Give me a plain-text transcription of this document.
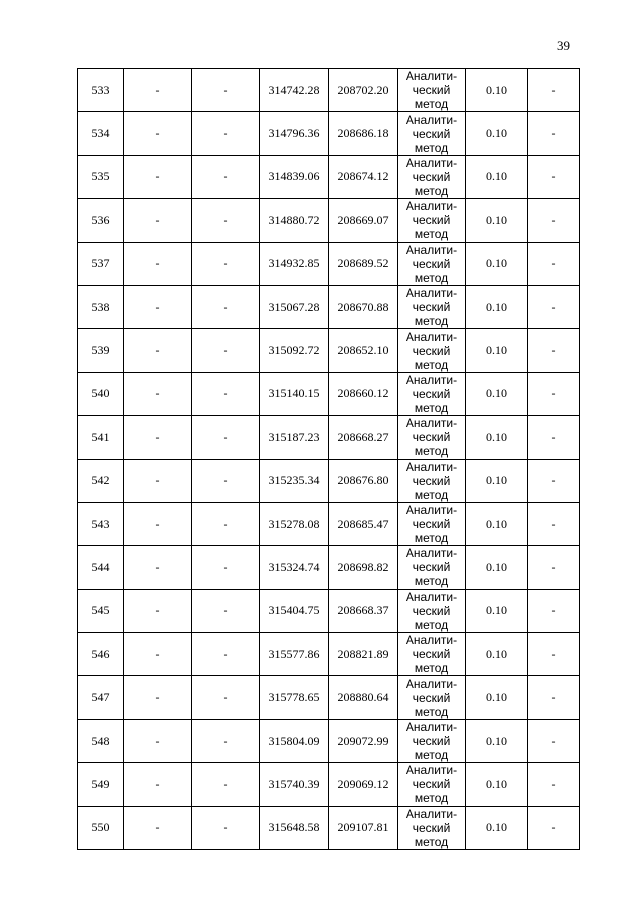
39
533	-	-	314742.28	208702.20	Аналити-
ческий
метод	0.10	-
534	-	-	314796.36	208686.18	Аналити-
ческий
метод	0.10	-
535	-	-	314839.06	208674.12	Аналити-
ческий
метод	0.10	-
536	-	-	314880.72	208669.07	Аналити-
ческий
метод	0.10	-
537	-	-	314932.85	208689.52	Аналити-
ческий
метод	0.10	-
538	-	-	315067.28	208670.88	Аналити-
ческий
метод	0.10	-
539	-	-	315092.72	208652.10	Аналити-
ческий
метод	0.10	-
540	-	-	315140.15	208660.12	Аналити-
ческий
метод	0.10	-
541	-	-	315187.23	208668.27	Аналити-
ческий
метод	0.10	-
542	-	-	315235.34	208676.80	Аналити-
ческий
метод	0.10	-
543	-	-	315278.08	208685.47	Аналити-
ческий
метод	0.10	-
544	-	-	315324.74	208698.82	Аналити-
ческий
метод	0.10	-
545	-	-	315404.75	208668.37	Аналити-
ческий
метод	0.10	-
546	-	-	315577.86	208821.89	Аналити-
ческий
метод	0.10	-
547	-	-	315778.65	208880.64	Аналити-
ческий
метод	0.10	-
548	-	-	315804.09	209072.99	Аналити-
ческий
метод	0.10	-
549	-	-	315740.39	209069.12	Аналити-
ческий
метод	0.10	-
550	-	-	315648.58	209107.81	Аналити-
ческий
метод	0.10	-
